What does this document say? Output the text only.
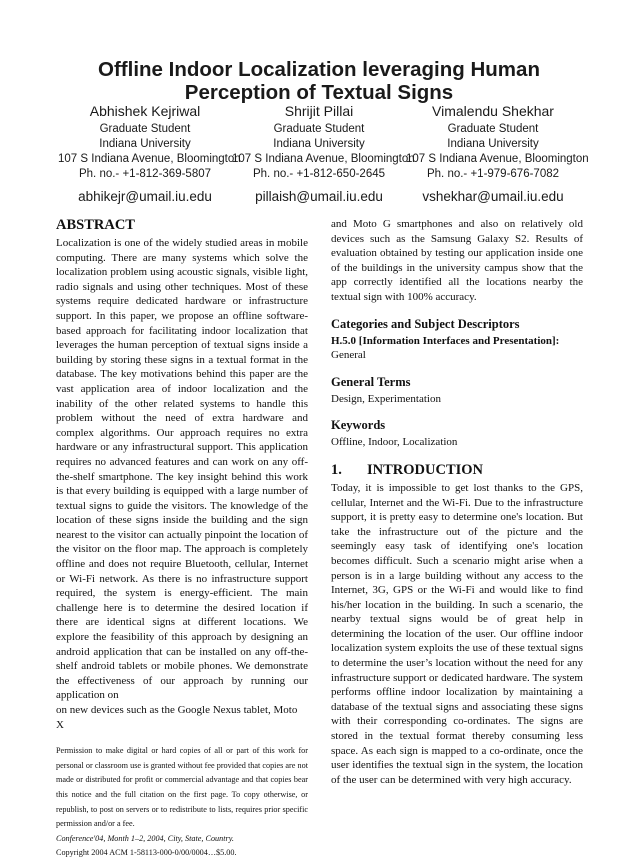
Offline Indoor Localization leveraging Human Perception of Textual Signs
Abhishek Kejriwal
Graduate Student
Indiana University
107 S Indiana Avenue, Bloomington
Ph. no.- +1-812-369-5807
abhikejr@umail.iu.edu
Shrijit Pillai
Graduate Student
Indiana University
107 S Indiana Avenue, Bloomington
Ph. no.- +1-812-650-2645
pillaish@umail.iu.edu
Vimalendu Shekhar
Graduate Student
Indiana University
107 S Indiana Avenue, Bloomington
Ph. no.- +1-979-676-7082
vshekhar@umail.iu.edu
ABSTRACT

Localization is one of the widely studied areas in mobile computing. There are many systems which solve the localization problem using acoustic signals, visible light, radio signals and using other techniques. Most of these systems require dedicated hardware or infrastructure support. In this paper, we propose an offline software-based approach for facilitating indoor localization that leverages the human perception of textual signs inside a building by storing these signs in a textual format in the database. The key motivations behind this paper are the vast application area of indoor localization and the inability of the other related systems to handle this problem without the need of extra hardware and complex algorithms. Our approach requires no extra hardware or any infrastructural support. This application requires no advanced features and can work on any off-the-shelf smartphone. The key insight behind this work is that every building is equipped with a large number of textual signs to guide the visitors. The knowledge of the location of these signs inside the building and the sign nearest to the visitor can actually pinpoint the location of the visitor on the floor map. The approach is completely offline and does not require Bluetooth, cellular, Internet or Wi-Fi network. As there is no infrastructure support required, the system is energy-efficient. The main challenge here is to determine the desired location if there are identical signs at different locations. We explore the feasibility of this approach by designing an android application that can be installed on any off-the-shelf android tablets or mobile phones. We demonstrate the effectiveness of our approach by running our application on

on new devices such as the Google Nexus tablet, Moto X

Permission to make digital or hard copies of all or part of this work for personal or classroom use is granted without fee provided that copies are not made or distributed for profit or commercial advantage and that copies bear this notice and the full citation on the first page. To copy otherwise, or republish, to post on servers or to redistribute to lists, requires prior specific permission and/or a fee.

Conference'04, Month 1–2, 2004, City, State, Country.

Copyright 2004 ACM 1-58113-000-0/00/0004…$5.00.

and Moto G smartphones and also on relatively old devices such as the Samsung Galaxy S2. Results of evaluation obtained by testing our application inside one of the buildings in the university campus show that the app correctly identified all the locations nearby the textual sign with 100% accuracy.

Categories and Subject Descriptors

H.5.0 [Information Interfaces and Presentation]:

General

General Terms

Design, Experimentation

Keywords

Offline, Indoor, Localization

1.	INTRODUCTION

Today, it is impossible to get lost thanks to the GPS, cellular, Internet and the Wi-Fi. Due to the infrastructure support, it is pretty easy to determine one's location. But take the infrastructure out of the picture and the seemingly easy task of identifying one's location becomes difficult. Such a scenario might arise when a person is in a large building without any access to the Internet, 3G, GPS or the Wi-Fi and would like to find his/her location in the building. In such a scenario, the nearby textual signs would be of great help in determining the location of the user. Our offline indoor localization system exploits the use of these textual signs to determine the user’s location without the need for any infrastructure support or dedicated hardware. The system performs offline indoor localization by maintaining a database of the textual signs and associating these signs with their corresponding co-ordinates. The signs are stored in the textual format thereby consuming less space. As each sign is mapped to a co-ordinate, once the user identifies the textual sign in the system, the location of the user can be determined with very high accuracy.
